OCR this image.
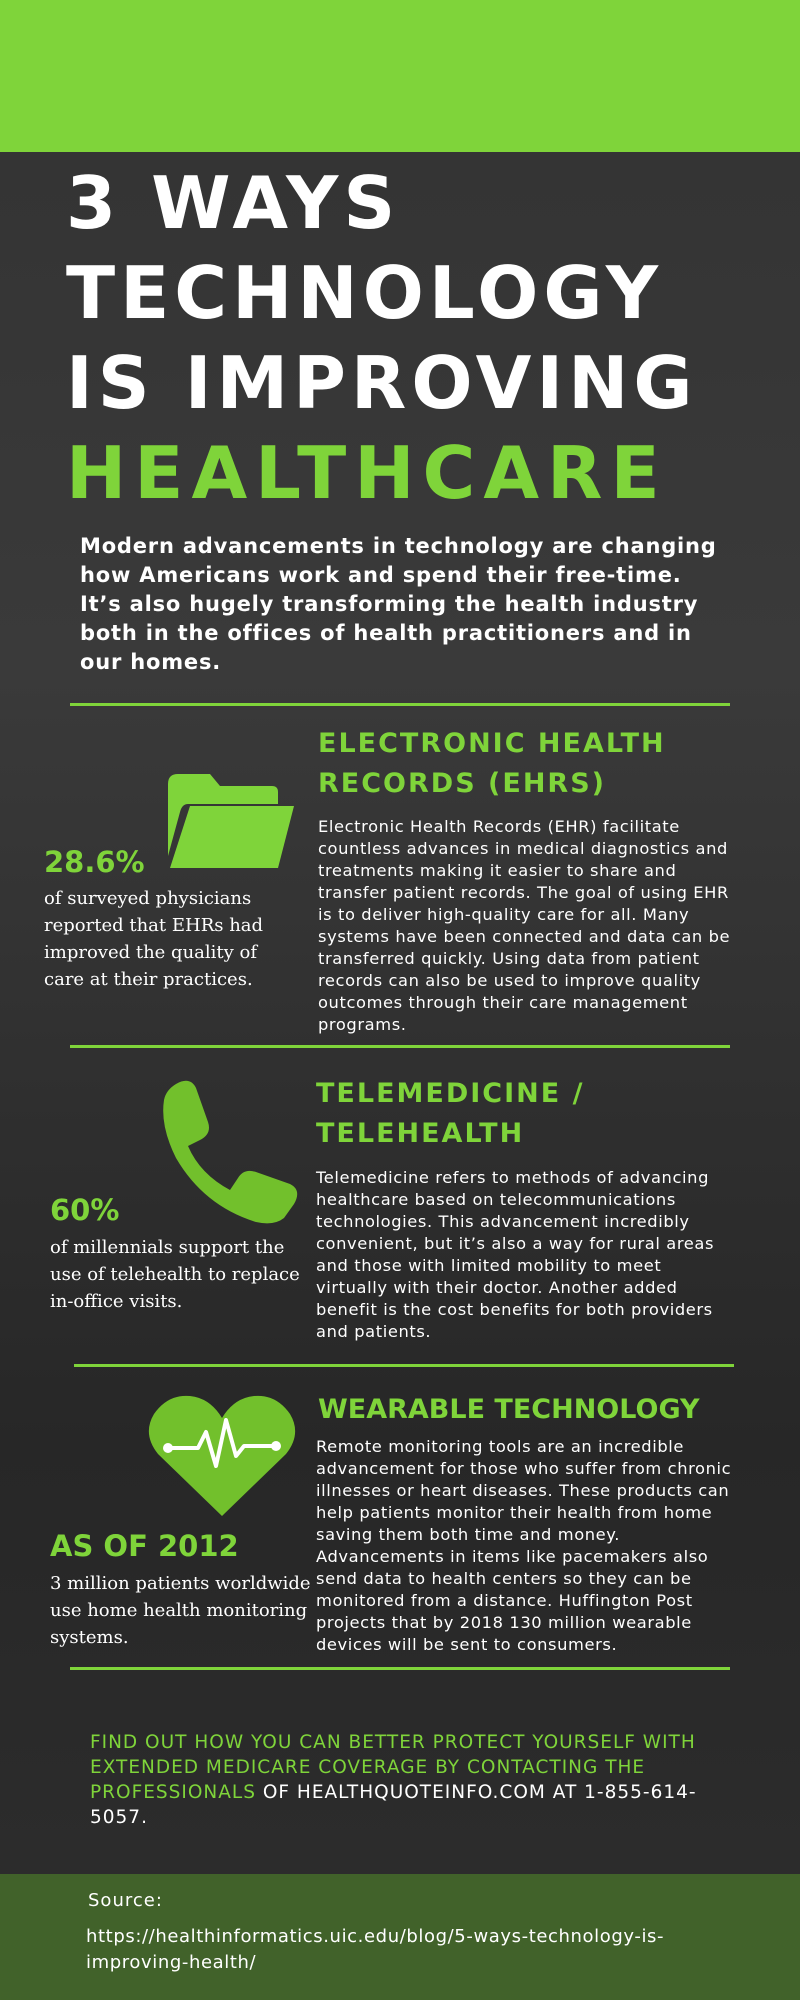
3 WAYS
TECHNOLOGY
IS IMPROVING
HEALTHCARE
Modern advancements in technology are changing how Americans work and spend their free-time. It’s also hugely transforming the health industry both in the offices of health practitioners and in our homes.
ELECTRONIC HEALTH RECORDS (EHRS)
Electronic Health Records (EHR) facilitate countless advances in medical diagnostics and treatments making it easier to share and transfer patient records. The goal of using EHR is to deliver high-quality care for all. Many systems have been connected and data can be transferred quickly. Using data from patient records can also be used to improve quality outcomes through their care management programs.
28.6%
of surveyed physicians reported that EHRs had improved the quality of care at their practices.
TELEMEDICINE / TELEHEALTH
Telemedicine refers to methods of advancing healthcare based on telecommunications technologies. This advancement incredibly convenient, but it’s also a way for rural areas and those with limited mobility to meet virtually with their doctor. Another added benefit is the cost benefits for both providers and patients.
60%
of millennials support the use of telehealth to replace in-office visits.
WEARABLE TECHNOLOGY
Remote monitoring tools are an incredible advancement for those who suffer from chronic illnesses or heart diseases. These products can help patients monitor their health from home saving them both time and money. Advancements in items like pacemakers also send data to health centers so they can be monitored from a distance. Huffington Post projects that by 2018 130 million wearable devices will be sent to consumers.
AS OF 2012
3 million patients worldwide use home health monitoring systems.
FIND OUT HOW YOU CAN BETTER PROTECT YOURSELF WITH EXTENDED MEDICARE COVERAGE BY CONTACTING THE PROFESSIONALS OF HEALTHQUOTEINFO.COM AT 1-855-614-5057.
Source:
https://healthinformatics.uic.edu/blog/5-ways-technology-is-improving-health/
